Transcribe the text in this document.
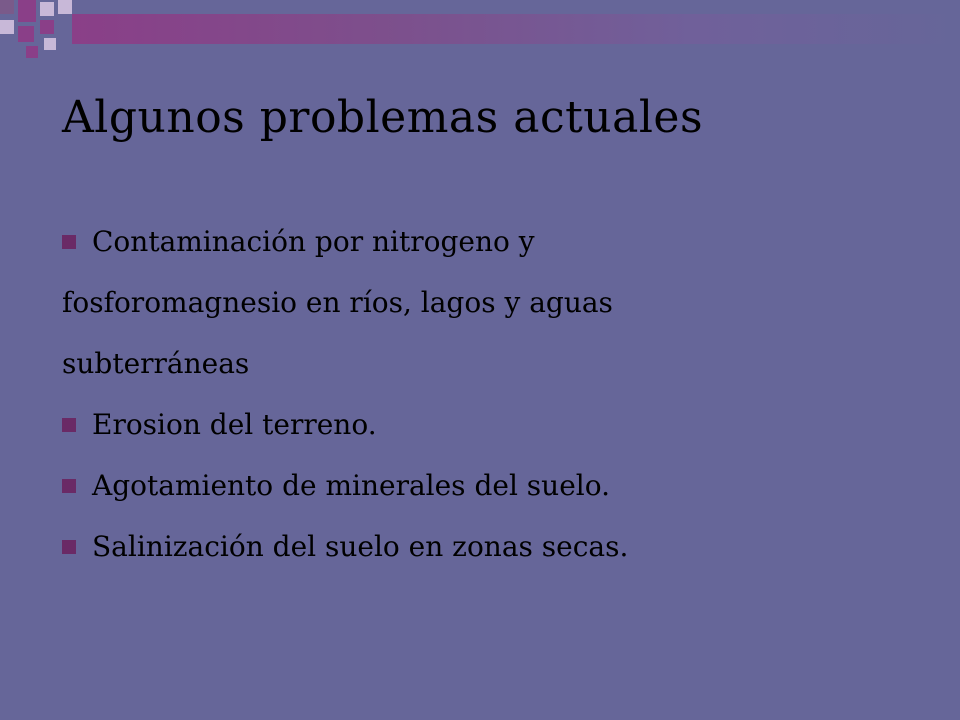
Algunos problemas actuales
Contaminación por nitrogeno y
fosforomagnesio en ríos, lagos y aguas
subterráneas
Erosion del terreno.
Agotamiento de minerales del suelo.
Salinización del suelo en zonas secas.
